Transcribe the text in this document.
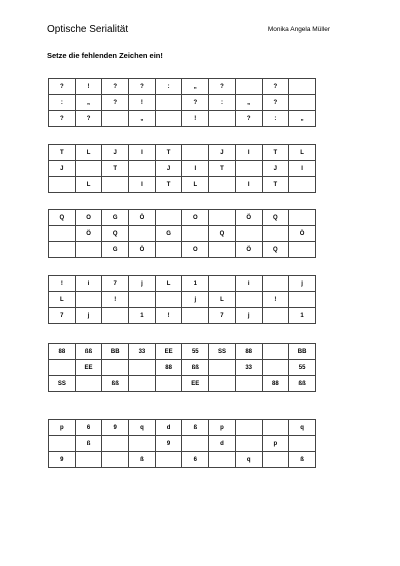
Optische Serialität	Monika Angela Müller
Setze die fehlenden Zeichen ein!
?	!	?	?	:	„	?		?	
:	„	?	!		?	:	„	?	
?	?		„		!		?	:	„
T	L	J	I	T		J	I	T	L
J		T		J	I	T		J	I
	L		I	T	L		I	T	
Q	O	G	Ö		O		Ö	Q	
	Ö	Q		G		Q			Ö
		G	Ö		O		Ö	Q	
!	i	7	j	L	1		i		j
L		!			j	L		!	
7	j		1	!		7	j		1
88	ßß	BB	33	EE	55	SS	88		BB
	EE			88	ßß		33		55
SS		ßß			EE			88	ßß
p	6	9	q	d	ß	p			q
	ß			9		d		p	
9			ß		6		q		ß
